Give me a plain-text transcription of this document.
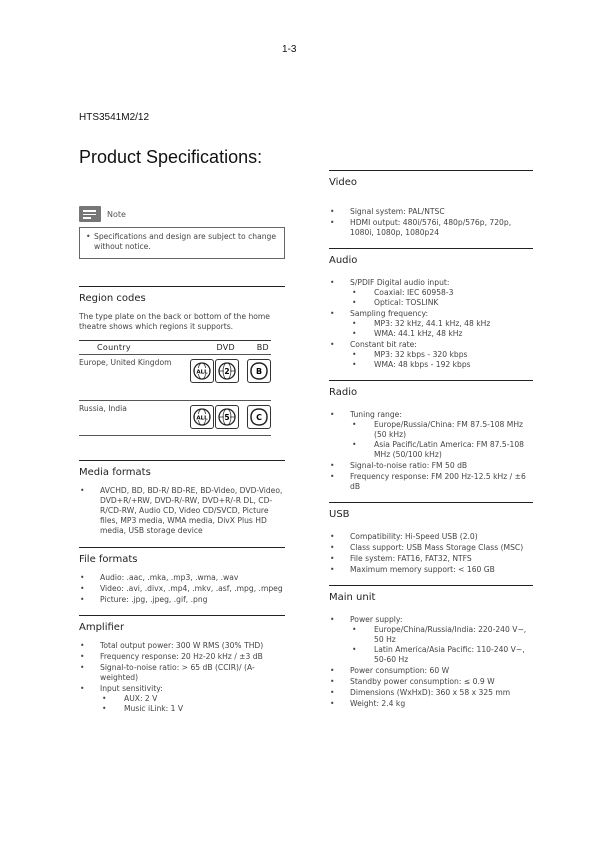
1-3
HTS3541M2/12
Product Specifications:
Note
• Specifications and design are subject to change without notice.
Region codes

The type plate on the back or bottom of the home theatre shows which regions it supports.

Country	DVD	BD
Europe, United Kingdom	ALL 2	B

Russia, India	ALL 5	C
Media formats
• AVCHD, BD, BD-R/ BD-RE, BD-Video, DVD-Video, DVD+R/+RW, DVD-R/-RW, DVD+R/-R DL, CD-R/CD-RW, Audio CD, Video CD/SVCD, Picture files, MP3 media, WMA media, DivX Plus HD media, USB storage device
File formats
• Audio: .aac, .mka, .mp3, .wma, .wav
• Video: .avi, .divx, .mp4, .mkv, .asf, .mpg, .mpeg
• Picture: .jpg, .jpeg, .gif, .png
Amplifier
• Total output power: 300 W RMS (30% THD)
• Frequency response: 20 Hz-20 kHz / ±3 dB
• Signal-to-noise ratio: > 65 dB (CCIR)/ (A-weighted)
• Input sensitivity:
• AUX: 2 V
• Music iLink: 1 V
Video
• Signal system: PAL/NTSC
• HDMI output: 480i/576i, 480p/576p, 720p, 1080i, 1080p, 1080p24
Audio
• S/PDIF Digital audio input:
• Coaxial: IEC 60958-3
• Optical: TOSLINK
• Sampling frequency:
• MP3: 32 kHz, 44.1 kHz, 48 kHz
• WMA: 44.1 kHz, 48 kHz
• Constant bit rate:
• MP3: 32 kbps - 320 kbps
• WMA: 48 kbps - 192 kbps
Radio
• Tuning range:
• Europe/Russia/China: FM 87.5-108 MHz (50 kHz)
• Asia Pacific/Latin America: FM 87.5-108 MHz (50/100 kHz)
• Signal-to-noise ratio: FM 50 dB
• Frequency response: FM 200 Hz-12.5 kHz / ±6 dB
USB
• Compatibility: Hi-Speed USB (2.0)
• Class support: USB Mass Storage Class (MSC)
• File system: FAT16, FAT32, NTFS
• Maximum memory support: < 160 GB
Main unit
• Power supply:
• Europe/China/Russia/India: 220-240 V~, 50 Hz
• Latin America/Asia Pacific: 110-240 V~, 50-60 Hz
• Power consumption: 60 W
• Standby power consumption: ≤ 0.9 W
• Dimensions (WxHxD): 360 x 58 x 325 mm
• Weight: 2.4 kg
